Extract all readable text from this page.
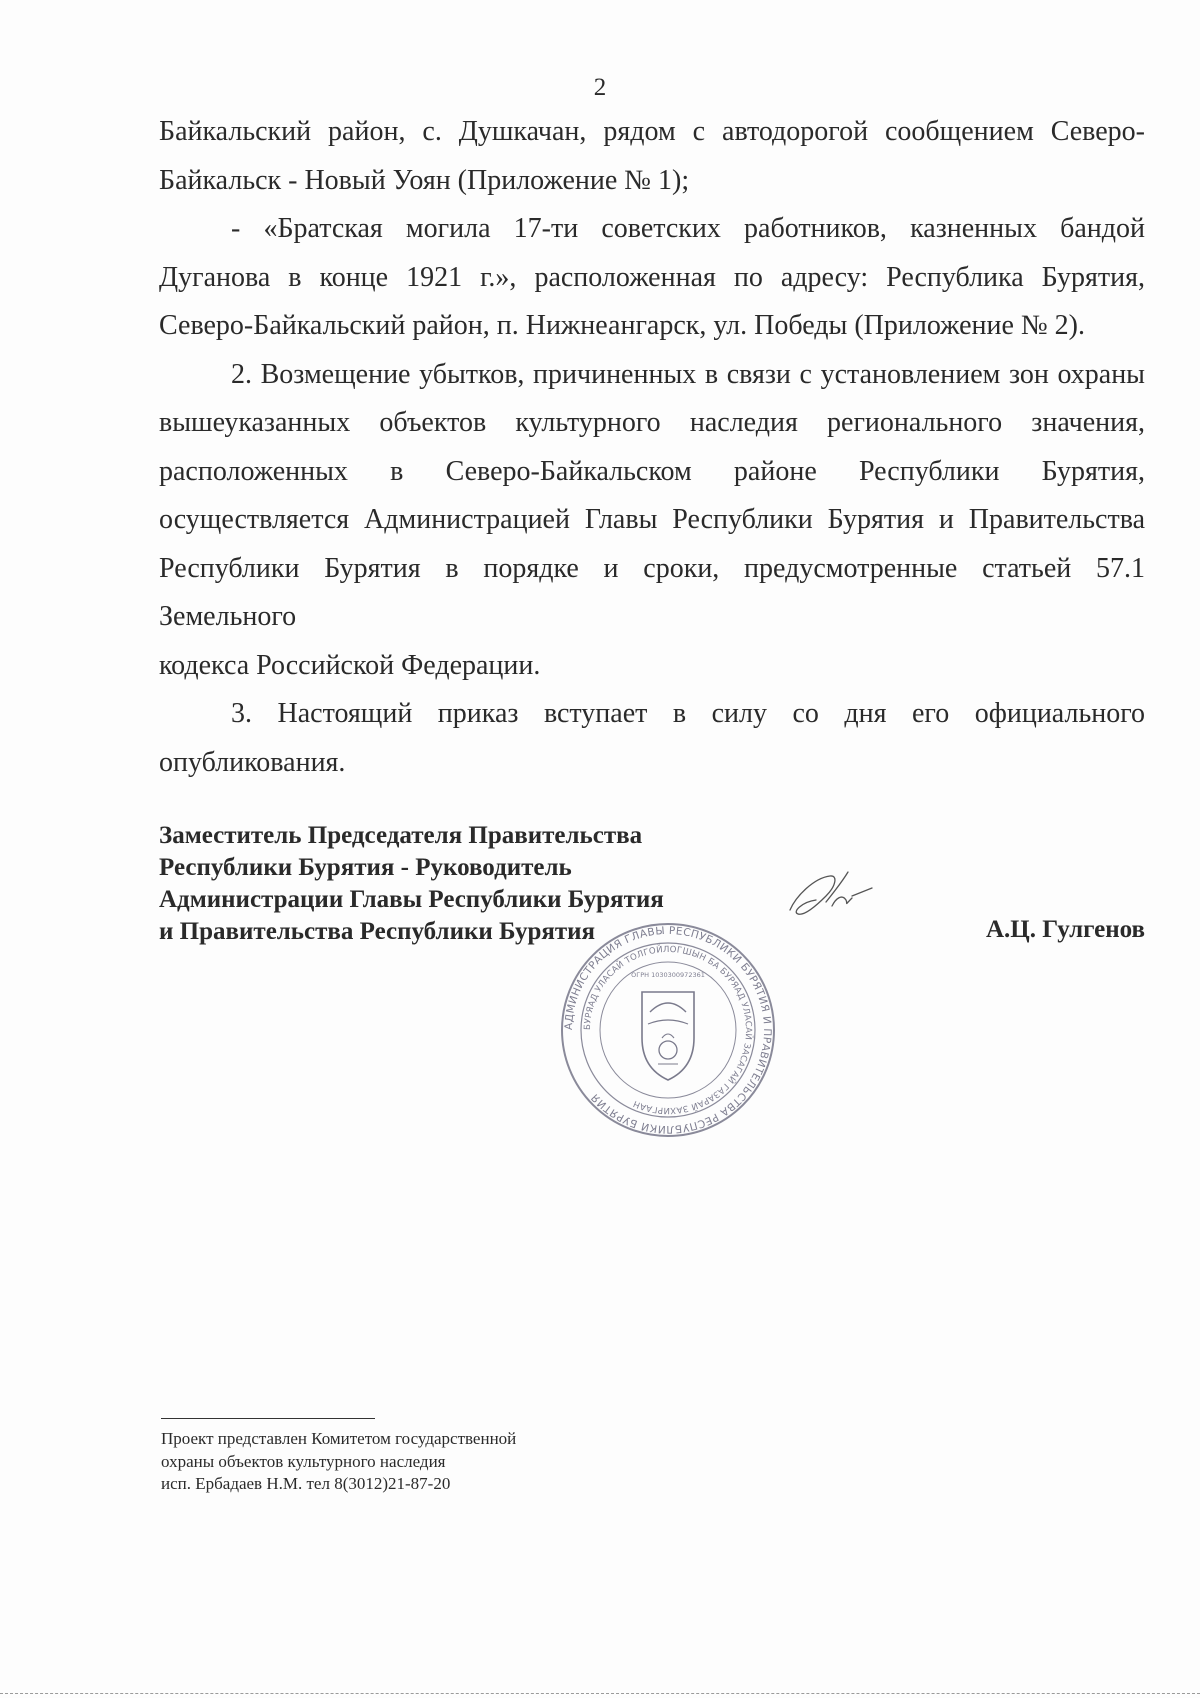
2

Байкальский район, с. Душкачан, рядом с автодорогой сообщением Северо-
Байкальск - Новый Уоян (Приложение № 1);

- «Братская могила 17-ти советских работников, казненных бандой
Дуганова в конце 1921 г.», расположенная по адресу: Республика Бурятия,
Северо-Байкальский район, п. Нижнеангарск, ул. Победы (Приложение № 2).

2. Возмещение убытков, причиненных в связи с установлением зон охраны
вышеуказанных объектов культурного наследия регионального значения,
расположенных в Северо-Байкальском районе Республики Бурятия,
осуществляется Администрацией Главы Республики Бурятия и Правительства
Республики Бурятия в порядке и сроки, предусмотренные статьей 57.1 Земельного
кодекса Российской Федерации.

3. Настоящий приказ вступает в силу со дня его официального
опубликования.

Заместитель Председателя Правительства
Республики Бурятия - Руководитель
Администрации Главы Республики Бурятия
и Правительства Республики Бурятия	А.Ц. Гулгенов
АДМИНИСТРАЦИЯ ГЛАВЫ РЕСПУБЛИКИ БУРЯТИЯ И ПРАВИТЕЛЬСТВА РЕСПУБЛИКИ БУРЯТИЯ
БУРЯАД УЛАСАЙ ТОЛГОЙЛОГШЫН БА БУРЯАД УЛАСАЙ ЗАСАГАЙ ГАЗАРАЙ ЗАХИРГААН
ОГРН 1030300972361
Проект представлен Комитетом государственной
охраны объектов культурного наследия
исп. Ербадаев Н.М. тел 8(3012)21-87-20
